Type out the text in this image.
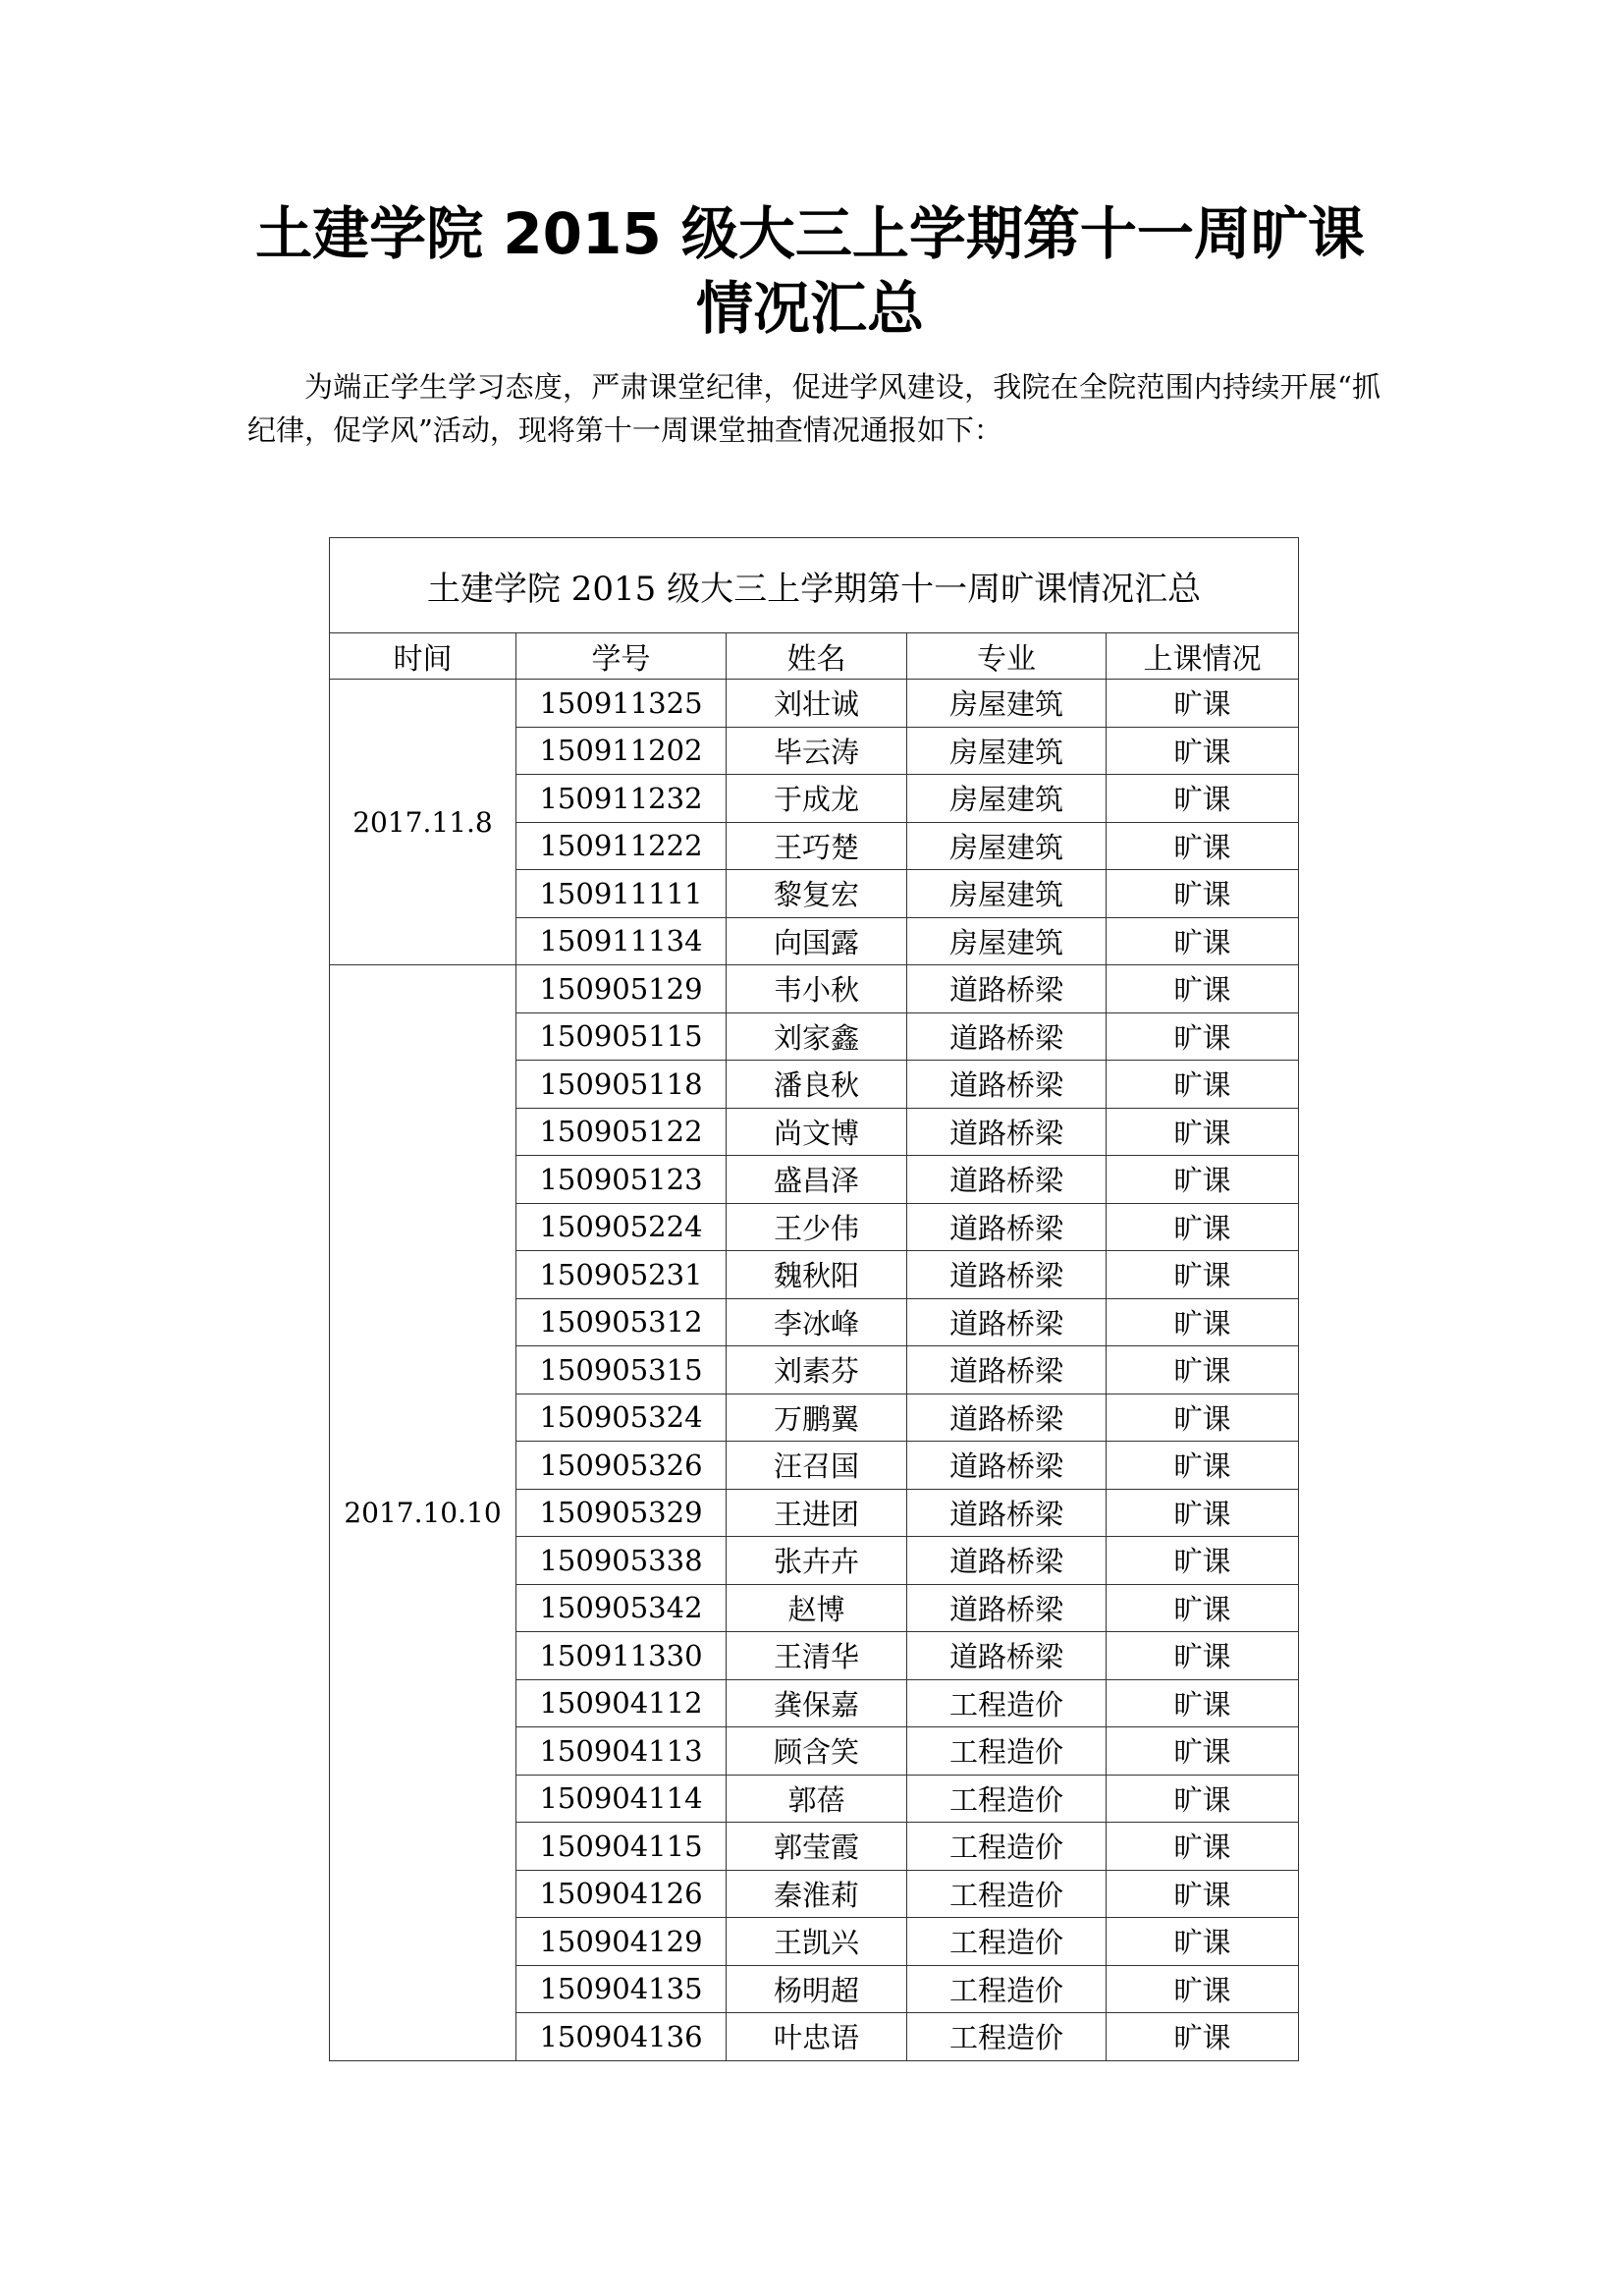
土建学院 2015 级大三上学期第十一周旷课
情况汇总

为端正学生学习态度，严肃课堂纪律，促进学风建设，我院在全院范围内持续开展“抓纪律，促学风”活动，现将第十一周课堂抽查情况通报如下：

土建学院 2015 级大三上学期第十一周旷课情况汇总				
时间	学号	姓名	专业	上课情况
2017.11.8	150911325	刘壮诚	房屋建筑	旷课
	150911202	毕云涛	房屋建筑	旷课
	150911232	于成龙	房屋建筑	旷课
	150911222	王巧楚	房屋建筑	旷课
	150911111	黎复宏	房屋建筑	旷课
	150911134	向国露	房屋建筑	旷课
2017.10.10	150905129	韦小秋	道路桥梁	旷课
	150905115	刘家鑫	道路桥梁	旷课
	150905118	潘良秋	道路桥梁	旷课
	150905122	尚文博	道路桥梁	旷课
	150905123	盛昌泽	道路桥梁	旷课
	150905224	王少伟	道路桥梁	旷课
	150905231	魏秋阳	道路桥梁	旷课
	150905312	李冰峰	道路桥梁	旷课
	150905315	刘素芬	道路桥梁	旷课
	150905324	万鹏翼	道路桥梁	旷课
	150905326	汪召国	道路桥梁	旷课
	150905329	王进团	道路桥梁	旷课
	150905338	张卉卉	道路桥梁	旷课
	150905342	赵博	道路桥梁	旷课
	150911330	王清华	道路桥梁	旷课
	150904112	龚保嘉	工程造价	旷课
	150904113	顾含笑	工程造价	旷课
	150904114	郭蓓	工程造价	旷课
	150904115	郭莹霞	工程造价	旷课
	150904126	秦淮莉	工程造价	旷课
	150904129	王凯兴	工程造价	旷课
	150904135	杨明超	工程造价	旷课
	150904136	叶忠语	工程造价	旷课
